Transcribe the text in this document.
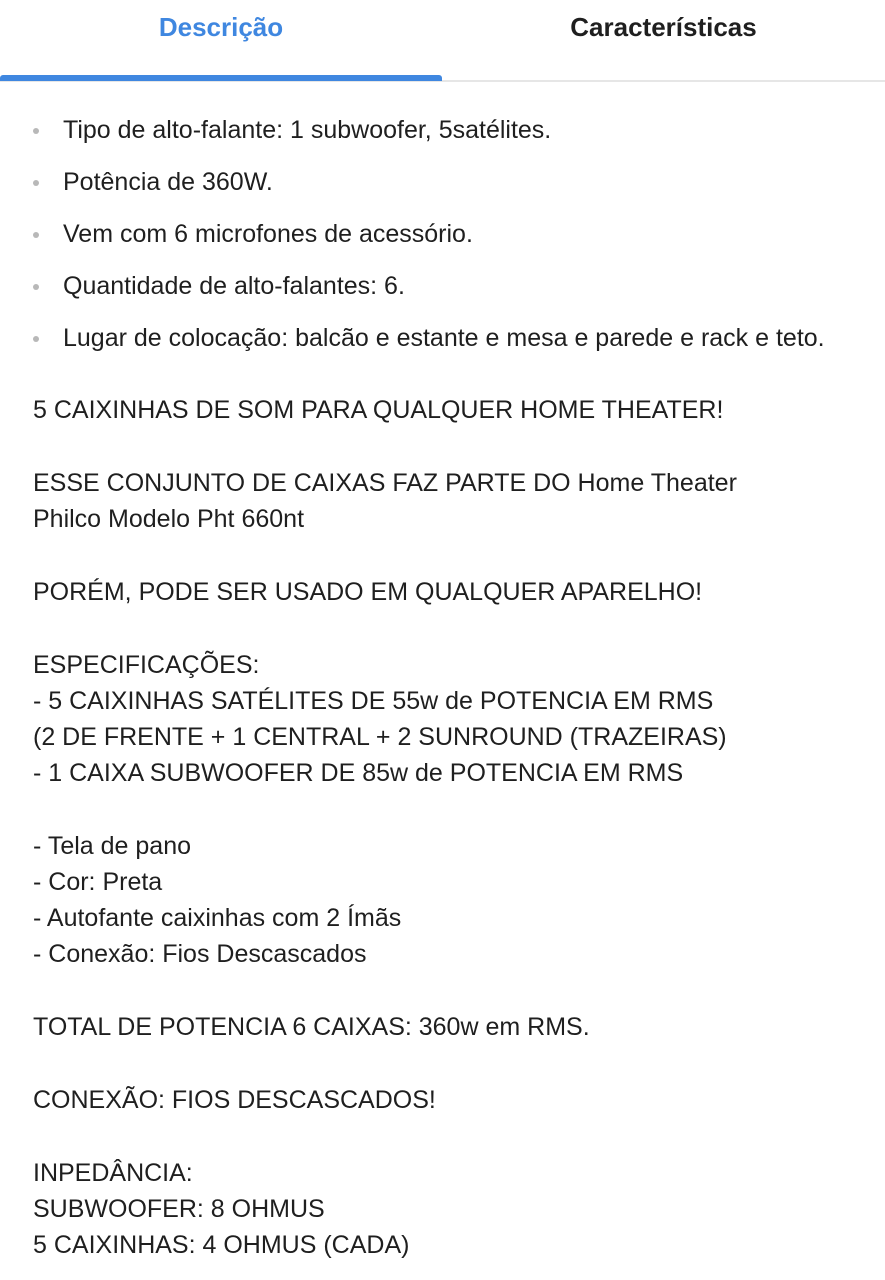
Descrição	Características
Tipo de alto-falante: 1 subwoofer, 5satélites.
Potência de 360W.
Vem com 6 microfones de acessório.
Quantidade de alto-falantes: 6.
Lugar de colocação: balcão e estante e mesa e parede e rack e teto.

5 CAIXINHAS DE SOM PARA QUALQUER HOME THEATER!

ESSE CONJUNTO DE CAIXAS FAZ PARTE DO Home Theater

Philco Modelo Pht 660nt

PORÉM, PODE SER USADO EM QUALQUER APARELHO!

ESPECIFICAÇÕES:

- 5 CAIXINHAS SATÉLITES DE 55w de POTENCIA EM RMS

(2 DE FRENTE + 1 CENTRAL + 2 SUNROUND (TRAZEIRAS)

- 1 CAIXA SUBWOOFER DE 85w de POTENCIA EM RMS

- Tela de pano

- Cor: Preta

- Autofante caixinhas com 2 Ímãs

- Conexão: Fios Descascados

TOTAL DE POTENCIA 6 CAIXAS: 360w em RMS.

CONEXÃO: FIOS DESCASCADOS!

INPEDÂNCIA:

SUBWOOFER: 8 OHMUS

5 CAIXINHAS: 4 OHMUS (CADA)
